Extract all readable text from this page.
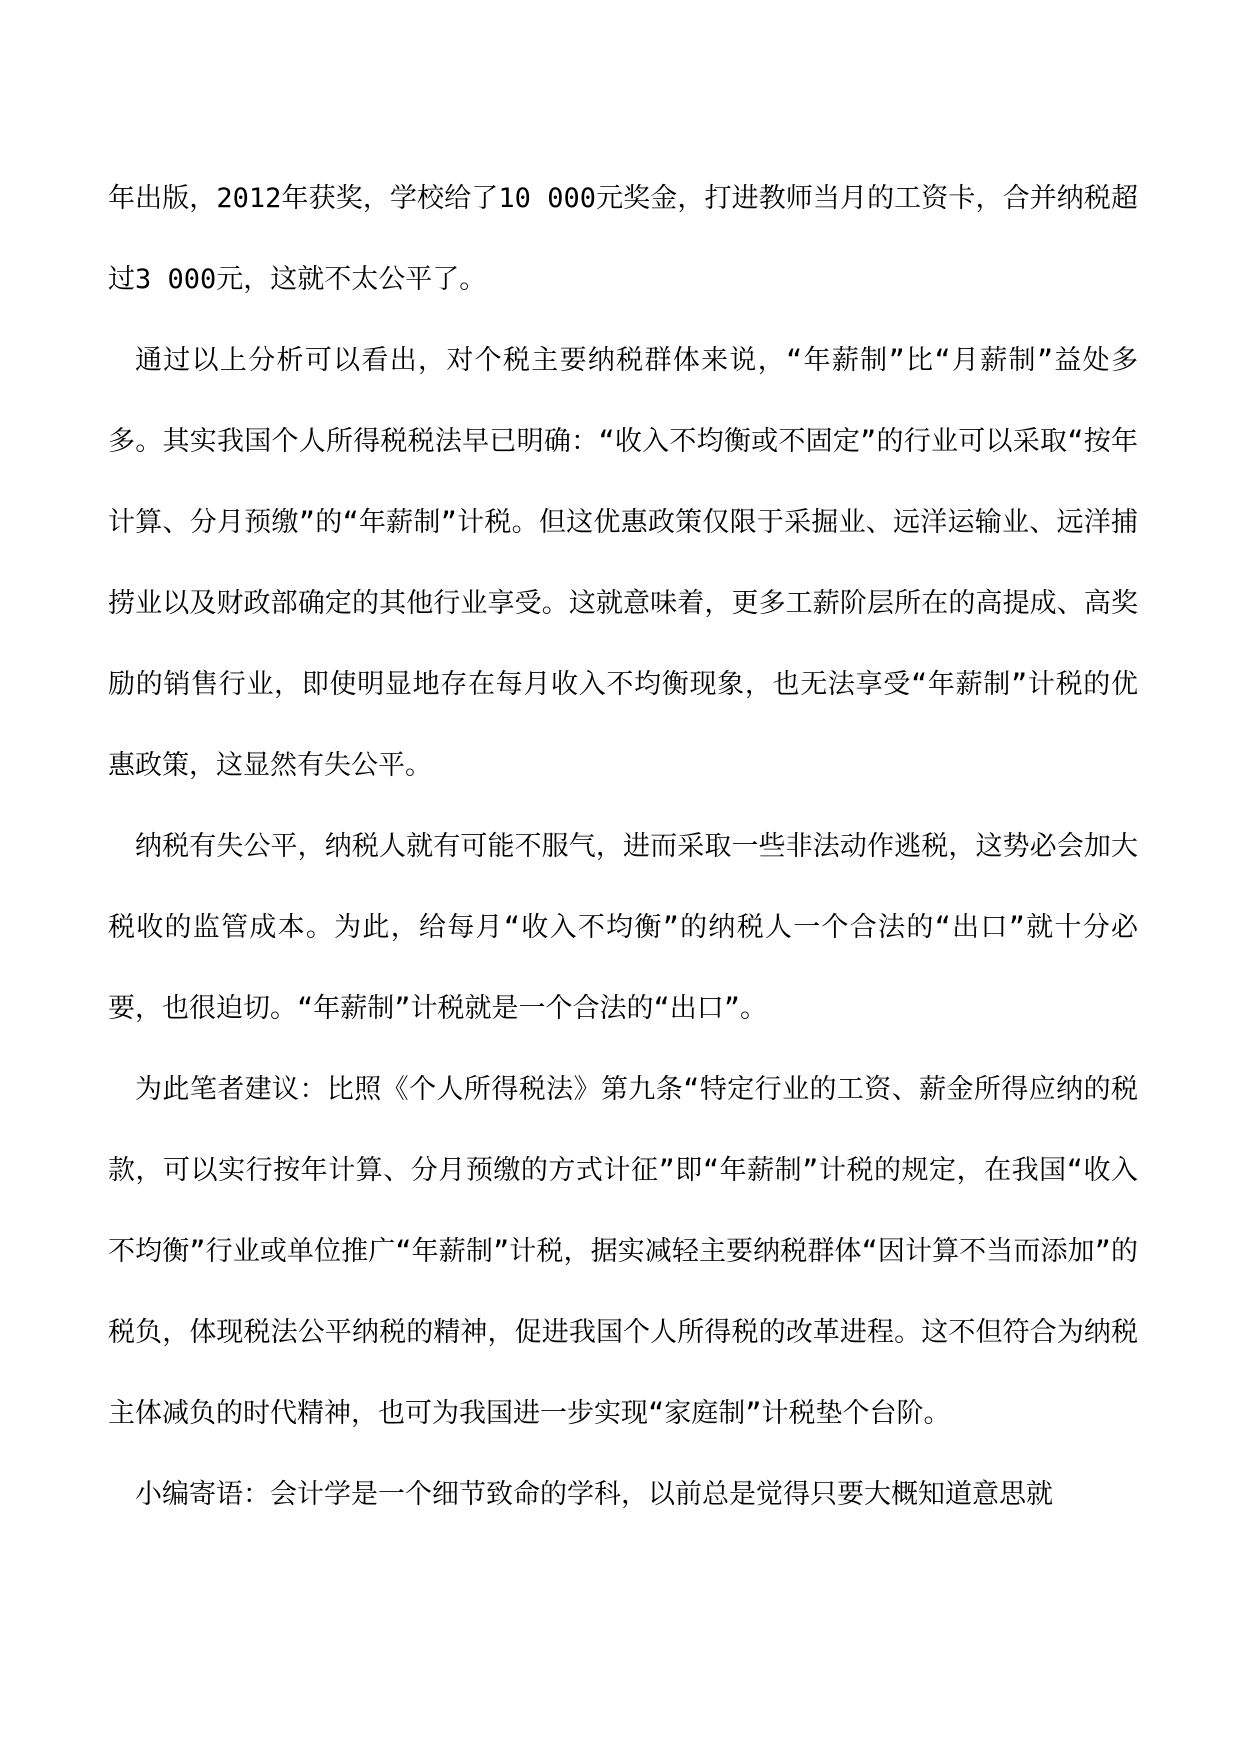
年出版，2012年获奖，学校给了10 000元奖金，打进教师当月的工资卡，合并纳税超过3 000元，这就不太公平了。

通过以上分析可以看出，对个税主要纳税群体来说，“年薪制”比“月薪制”益处多多。其实我国个人所得税税法早已明确：“收入不均衡或不固定”的行业可以采取“按年计算、分月预缴”的“年薪制”计税。但这优惠政策仅限于采掘业、远洋运输业、远洋捕捞业以及财政部确定的其他行业享受。这就意味着，更多工薪阶层所在的高提成、高奖励的销售行业，即使明显地存在每月收入不均衡现象，也无法享受“年薪制”计税的优惠政策，这显然有失公平。

纳税有失公平，纳税人就有可能不服气，进而采取一些非法动作逃税，这势必会加大税收的监管成本。为此，给每月“收入不均衡”的纳税人一个合法的“出口”就十分必要，也很迫切。“年薪制”计税就是一个合法的“出口”。

为此笔者建议：比照《个人所得税法》第九条“特定行业的工资、薪金所得应纳的税款，可以实行按年计算、分月预缴的方式计征”即“年薪制”计税的规定，在我国“收入不均衡”行业或单位推广“年薪制”计税，据实减轻主要纳税群体“因计算不当而添加”的税负，体现税法公平纳税的精神，促进我国个人所得税的改革进程。这不但符合为纳税主体减负的时代精神，也可为我国进一步实现“家庭制”计税垫个台阶。

小编寄语：会计学是一个细节致命的学科，以前总是觉得只要大概知道意思就
